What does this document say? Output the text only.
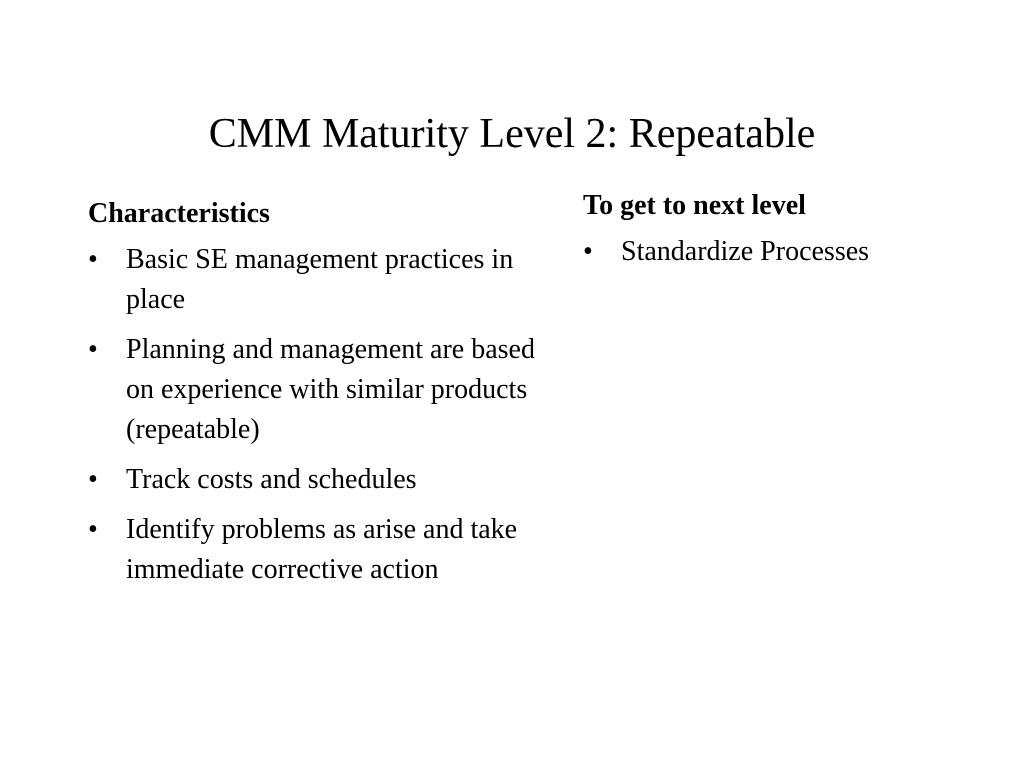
CMM Maturity Level 2: Repeatable
Characteristics
• Basic SE management practices in place
• Planning and management are based on experience with similar products (repeatable)
• Track costs and schedules
• Identify problems as arise and take immediate corrective action
To get to next level
• Standardize Processes
